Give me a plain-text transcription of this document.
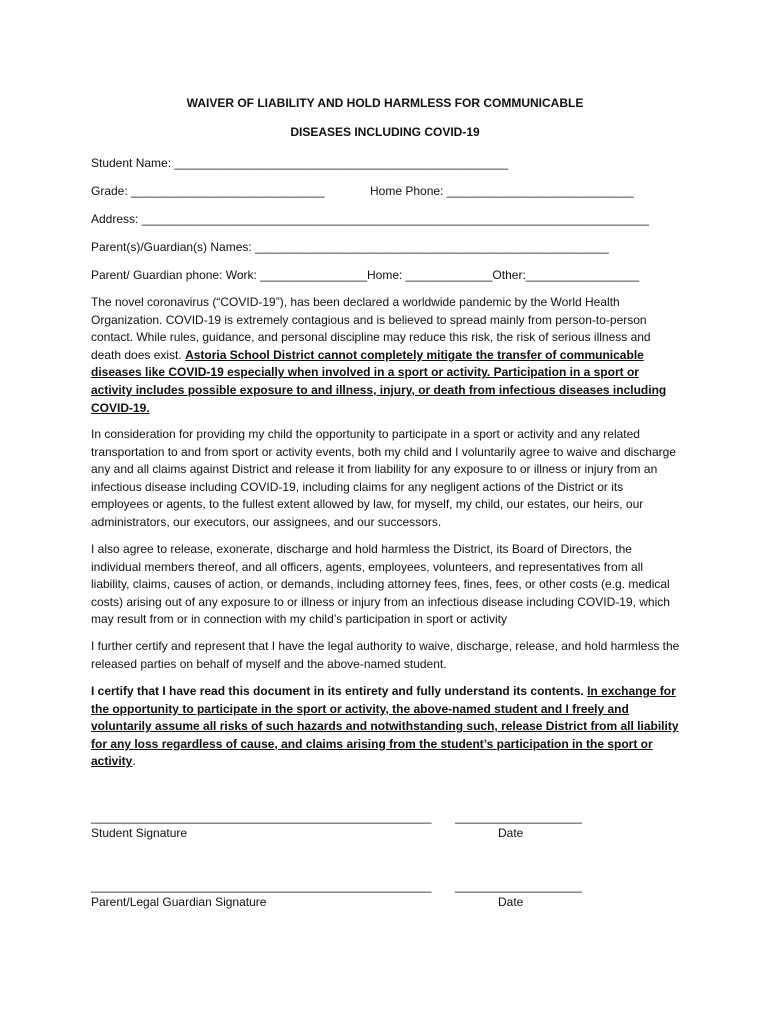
WAIVER OF LIABILITY AND HOLD HARMLESS FOR COMMUNICABLE
DISEASES INCLUDING COVID-19
Student Name: __________________________________________________
Grade: _____________________________	Home Phone: ____________________________
Address: ____________________________________________________________________________
Parent(s)/Guardian(s) Names: _____________________________________________________
Parent/ Guardian phone: Work: ________________Home: _____________Other:_________________

The novel coronavirus (“COVID-19”), has been declared a worldwide pandemic by the World Health Organization. COVID-19 is extremely contagious and is believed to spread mainly from person-to-person contact. While rules, guidance, and personal discipline may reduce this risk, the risk of serious illness and death does exist. Astoria School District cannot completely mitigate the transfer of communicable diseases like COVID-19 especially when involved in a sport or activity. Participation in a sport or activity includes possible exposure to and illness, injury, or death from infectious diseases including COVID-19.

In consideration for providing my child the opportunity to participate in a sport or activity and any related transportation to and from sport or activity events, both my child and I voluntarily agree to waive and discharge any and all claims against District and release it from liability for any exposure to or illness or injury from an infectious disease including COVID-19, including claims for any negligent actions of the District or its employees or agents, to the fullest extent allowed by law, for myself, my child, our estates, our heirs, our administrators, our executors, our assignees, and our successors.

I also agree to release, exonerate, discharge and hold harmless the District, its Board of Directors, the individual members thereof, and all officers, agents, employees, volunteers, and representatives from all liability, claims, causes of action, or demands, including attorney fees, fines, fees, or other costs (e.g. medical costs) arising out of any exposure to or illness or injury from an infectious disease including COVID-19, which may result from or in connection with my child’s participation in sport or activity

I further certify and represent that I have the legal authority to waive, discharge, release, and hold harmless the released parties on behalf of myself and the above-named student.

I certify that I have read this document in its entirety and fully understand its contents. In exchange for the opportunity to participate in the sport or activity, the above-named student and I freely and voluntarily assume all risks of such hazards and notwithstanding such, release District from all liability for any loss regardless of cause, and claims arising from the student’s participation in the sport or activity.

___________________________________________________ ___________________
Student Signature	Date
___________________________________________________ ___________________
Parent/Legal Guardian Signature	Date
